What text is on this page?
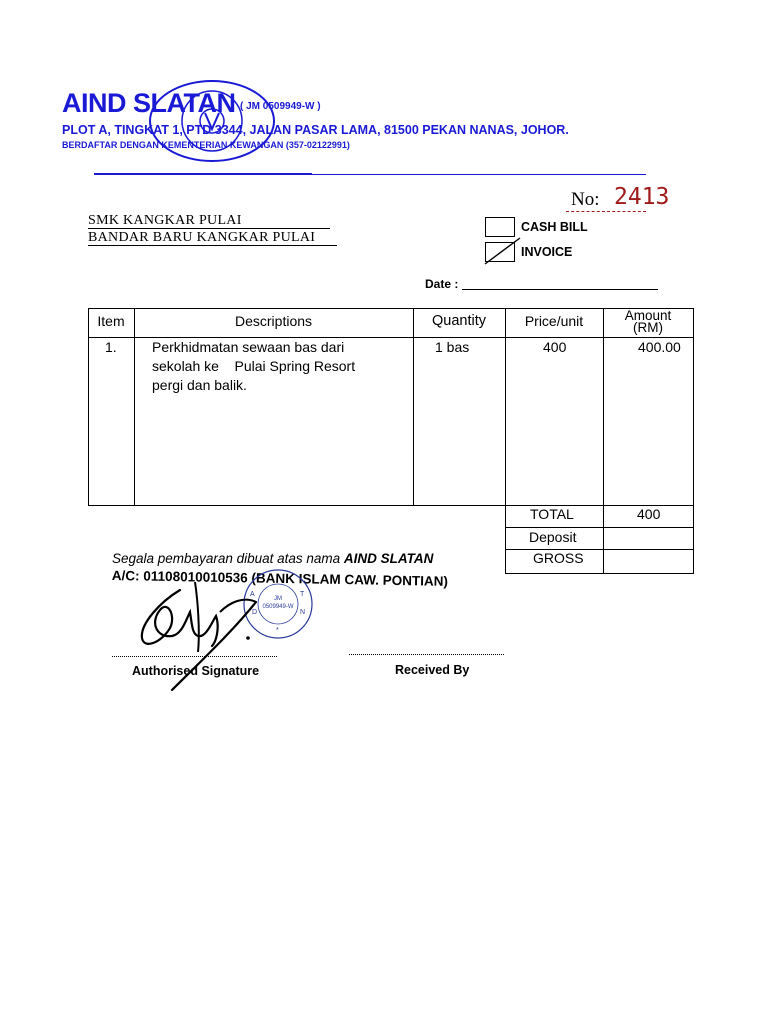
AIND SLATAN ( JM 0509949-W )
PLOT A, TINGKAT 1, PTD 3344, JALAN PASAR LAMA, 81500 PEKAN NANAS, JOHOR.
BERDAFTAR DENGAN KEMENTERIAN KEWANGAN (357-02122991)
No: 2413
SMK KANGKAR PULAI
BANDAR BARU KANGKAR PULAI
CASH BILL
INVOICE
Date :
Item	Descriptions	Quantity	Price/unit	Amount
(RM)
1.	Perkhidmatan sewaan bas dari
sekolah ke    Pulai Spring Resort
pergi dan balik.
1 bas	400	400.00
TOTAL	400
Deposit
GROSS
Segala pembayaran dibuat atas nama AIND SLATAN
A/C: 01108010010536 (BANK ISLAM CAW. PONTIAN)
JM
0509949-W
A
D
T
N
*
Authorised Signature	Received By
